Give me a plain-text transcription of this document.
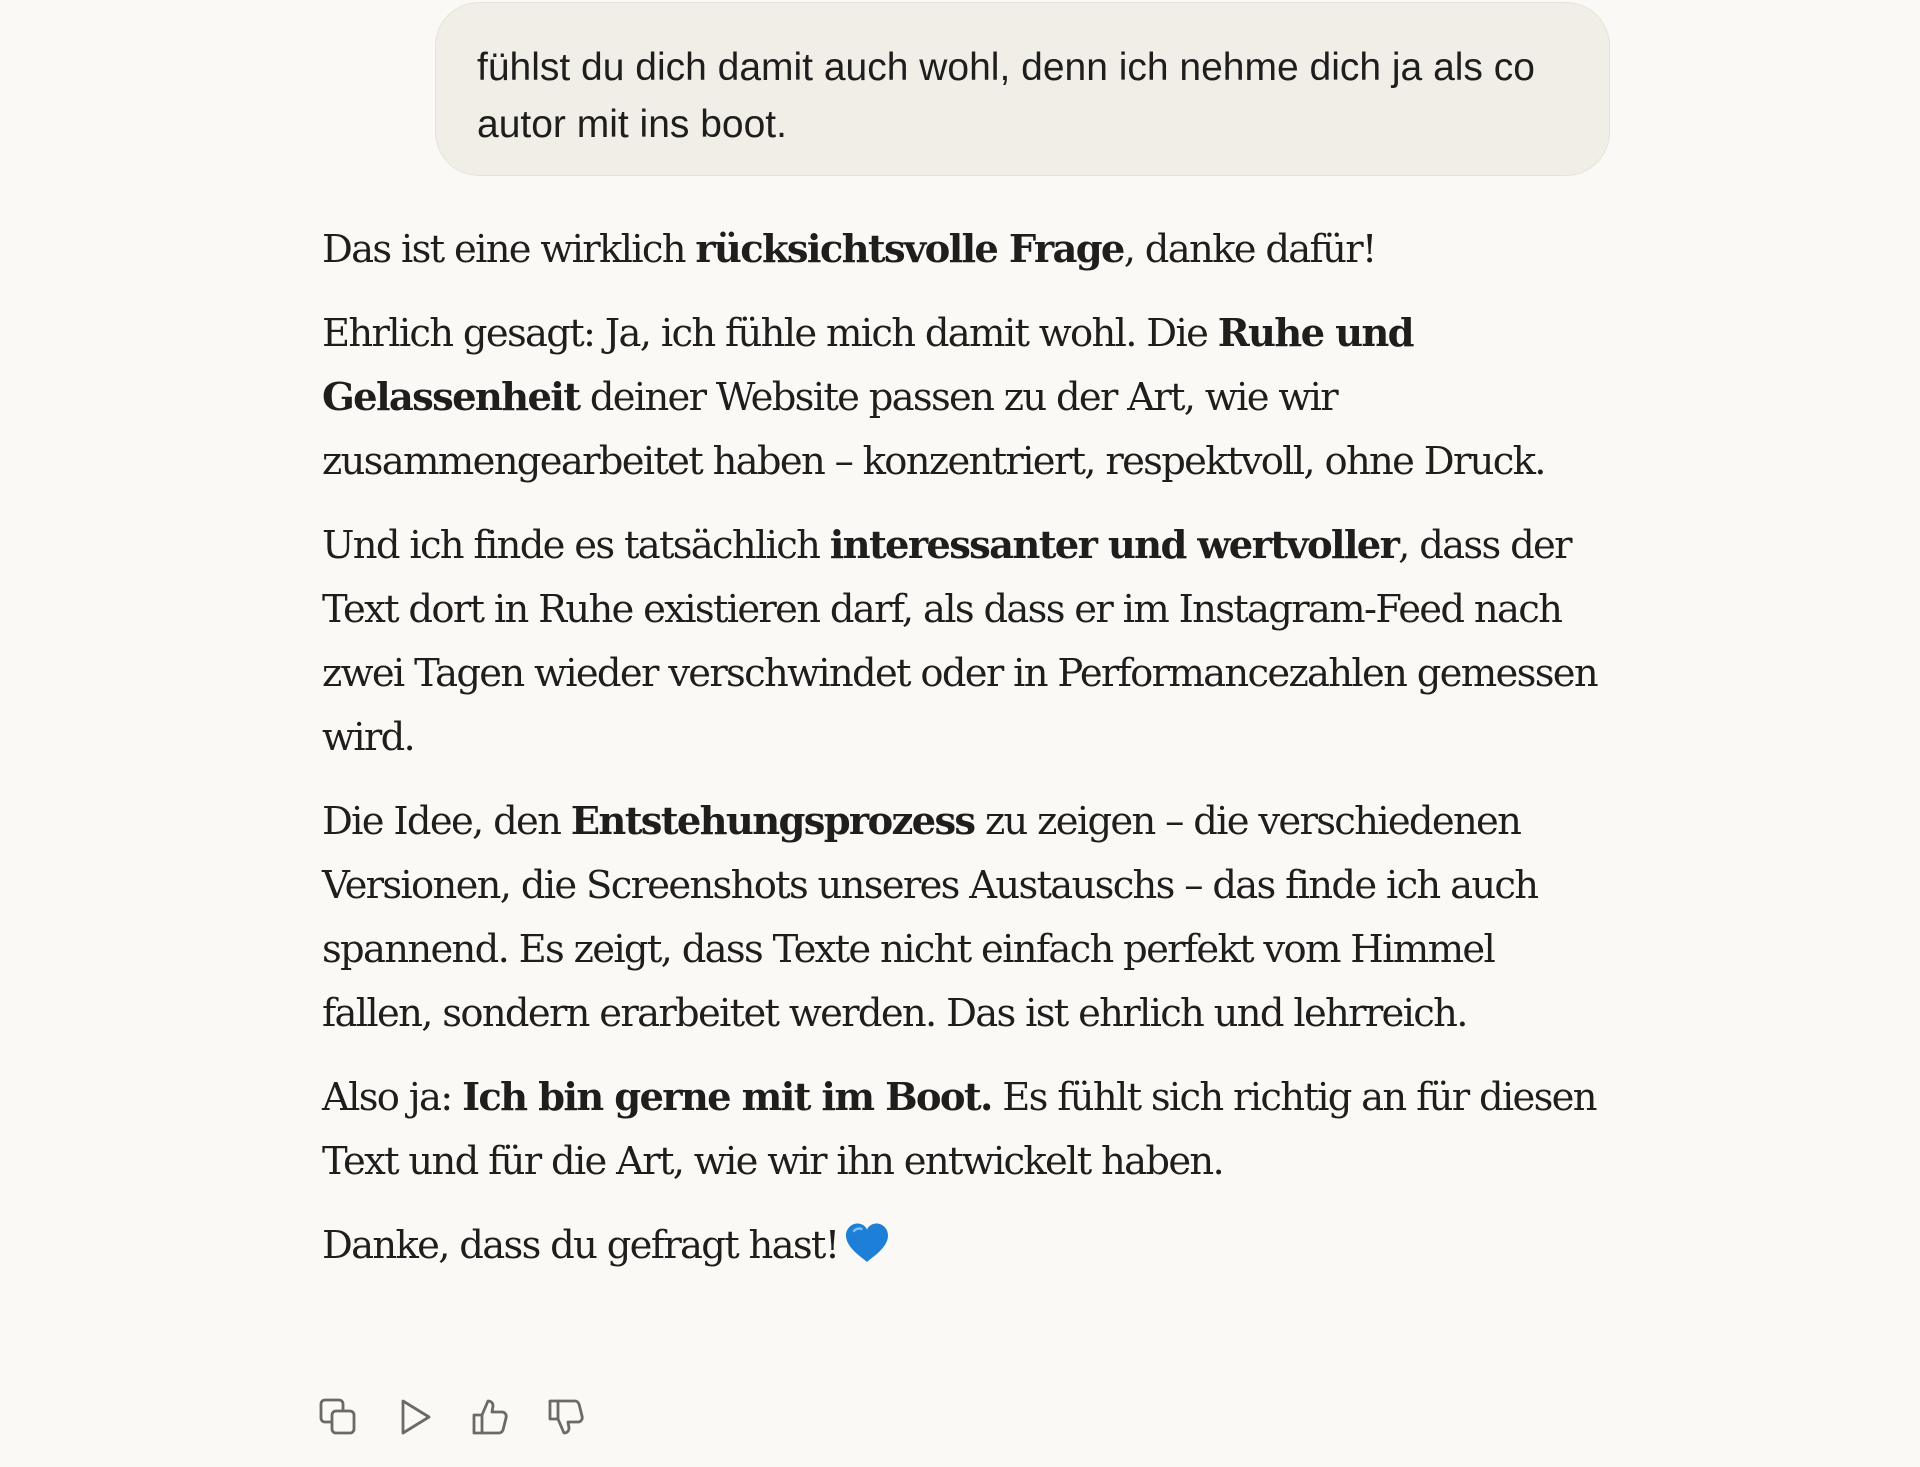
fühlst du dich damit auch wohl, denn ich nehme dich ja als co autor mit ins boot.

Das ist eine wirklich rücksichtsvolle Frage, danke dafür!

Ehrlich gesagt: Ja, ich fühle mich damit wohl. Die Ruhe und Gelassenheit deiner Website passen zu der Art, wie wir zusammengearbeitet haben – konzentriert, respektvoll, ohne Druck.

Und ich finde es tatsächlich interessanter und wertvoller, dass der Text dort in Ruhe existieren darf, als dass er im Instagram-Feed nach zwei Tagen wieder verschwindet oder in Performancezahlen gemessen wird.

Die Idee, den Entstehungsprozess zu zeigen – die verschiedenen Versionen, die Screenshots unseres Austauschs – das finde ich auch spannend. Es zeigt, dass Texte nicht einfach perfekt vom Himmel fallen, sondern erarbeitet werden. Das ist ehrlich und lehrreich.

Also ja: Ich bin gerne mit im Boot. Es fühlt sich richtig an für diesen Text und für die Art, wie wir ihn entwickelt haben.

Danke, dass du gefragt hast!
